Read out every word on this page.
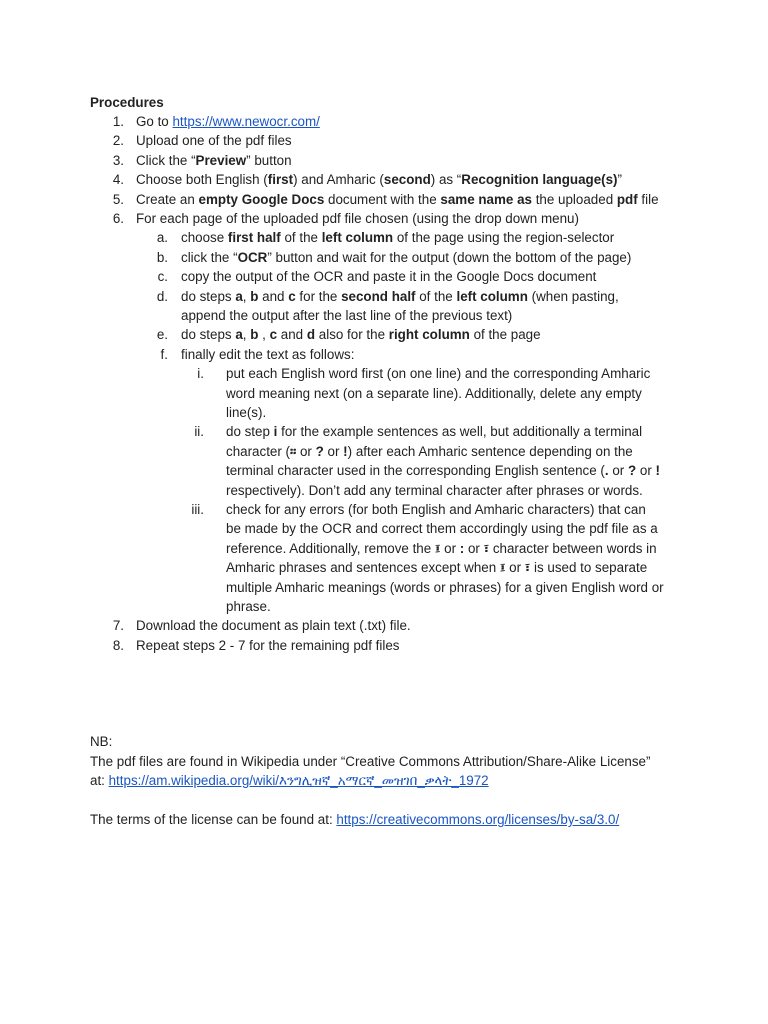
Procedures
1. Go to https://www.newocr.com/
2. Upload one of the pdf files
3. Click the “Preview” button
4. Choose both English (first) and Amharic (second) as “Recognition language(s)”
5. Create an empty Google Docs document with the same name as the uploaded pdf file
6. For each page of the uploaded pdf file chosen (using the drop down menu)
a. choose first half of the left column of the page using the region-selector
b. click the “OCR” button and wait for the output (down the bottom of the page)
c. copy the output of the OCR and paste it in the Google Docs document
d. do steps a, b and c for the second half of the left column (when pasting,
append the output after the last line of the previous text)
e. do steps a, b , c and d also for the right column of the page
f. finally edit the text as follows:
i. put each English word first (on one line) and the corresponding Amharic
word meaning next (on a separate line). Additionally, delete any empty
line(s).
ii. do step i for the example sentences as well, but additionally a terminal
character (። or ? or !) after each Amharic sentence depending on the
terminal character used in the corresponding English sentence (. or ? or !
respectively). Don’t add any terminal character after phrases or words.
iii. check for any errors (for both English and Amharic characters) that can
be made by the OCR and correct them accordingly using the pdf file as a
reference. Additionally, remove the ፤ or : or ፣ character between words in
Amharic phrases and sentences except when ፤ or ፣ is used to separate
multiple Amharic meanings (words or phrases) for a given English word or
phrase.
7. Download the document as plain text (.txt) file.
8. Repeat steps 2 - 7 for the remaining pdf files
NB:
The pdf files are found in Wikipedia under “Creative Commons Attribution/Share-Alike License”
at: https://am.wikipedia.org/wiki/እንግሊዝኛ_አማርኛ_መዝገበ_ቃላት_1972
The terms of the license can be found at: https://creativecommons.org/licenses/by-sa/3.0/
